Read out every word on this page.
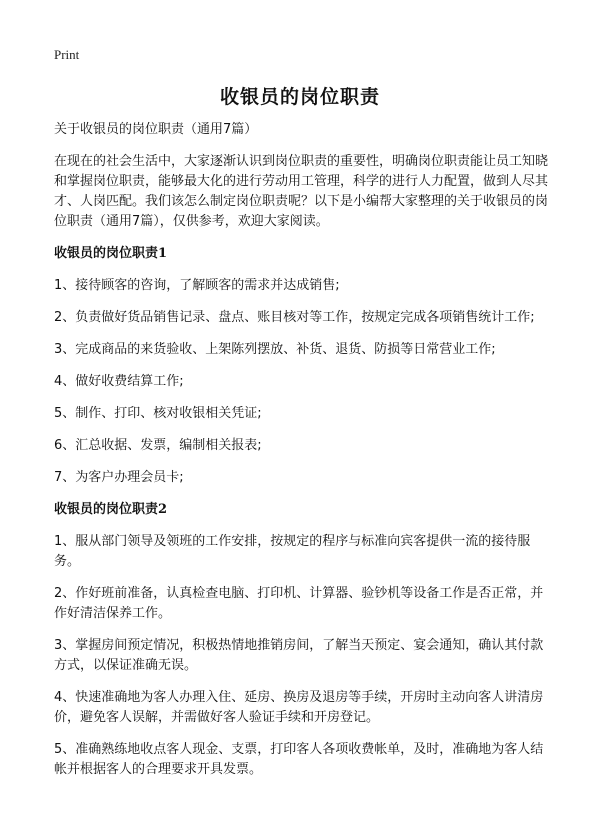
Print
收银员的岗位职责

关于收银员的岗位职责（通用7篇）

在现在的社会生活中，大家逐渐认识到岗位职责的重要性，明确岗位职责能让员工知晓和掌握岗位职责，能够最大化的进行劳动用工管理，科学的进行人力配置，做到人尽其才、人岗匹配。我们该怎么制定岗位职责呢？以下是小编帮大家整理的关于收银员的岗位职责（通用7篇），仅供参考，欢迎大家阅读。

收银员的岗位职责1

1、接待顾客的咨询，了解顾客的需求并达成销售;

2、负责做好货品销售记录、盘点、账目核对等工作，按规定完成各项销售统计工作;

3、完成商品的来货验收、上架陈列摆放、补货、退货、防损等日常营业工作;

4、做好收费结算工作;

5、制作、打印、核对收银相关凭证;

6、汇总收据、发票，编制相关报表;

7、为客户办理会员卡;

收银员的岗位职责2

1、服从部门领导及领班的工作安排，按规定的程序与标准向宾客提供一流的接待服务。

2、作好班前准备，认真检查电脑、打印机、计算器、验钞机等设备工作是否正常，并作好清洁保养工作。

3、掌握房间预定情况，积极热情地推销房间，了解当天预定、宴会通知，确认其付款方式，以保证准确无误。

4、快速准确地为客人办理入住、延房、换房及退房等手续，开房时主动向客人讲清房价，避免客人误解，并需做好客人验证手续和开房登记。

5、准确熟练地收点客人现金、支票，打印客人各项收费帐单，及时，准确地为客人结帐并根据客人的合理要求开具发票。
